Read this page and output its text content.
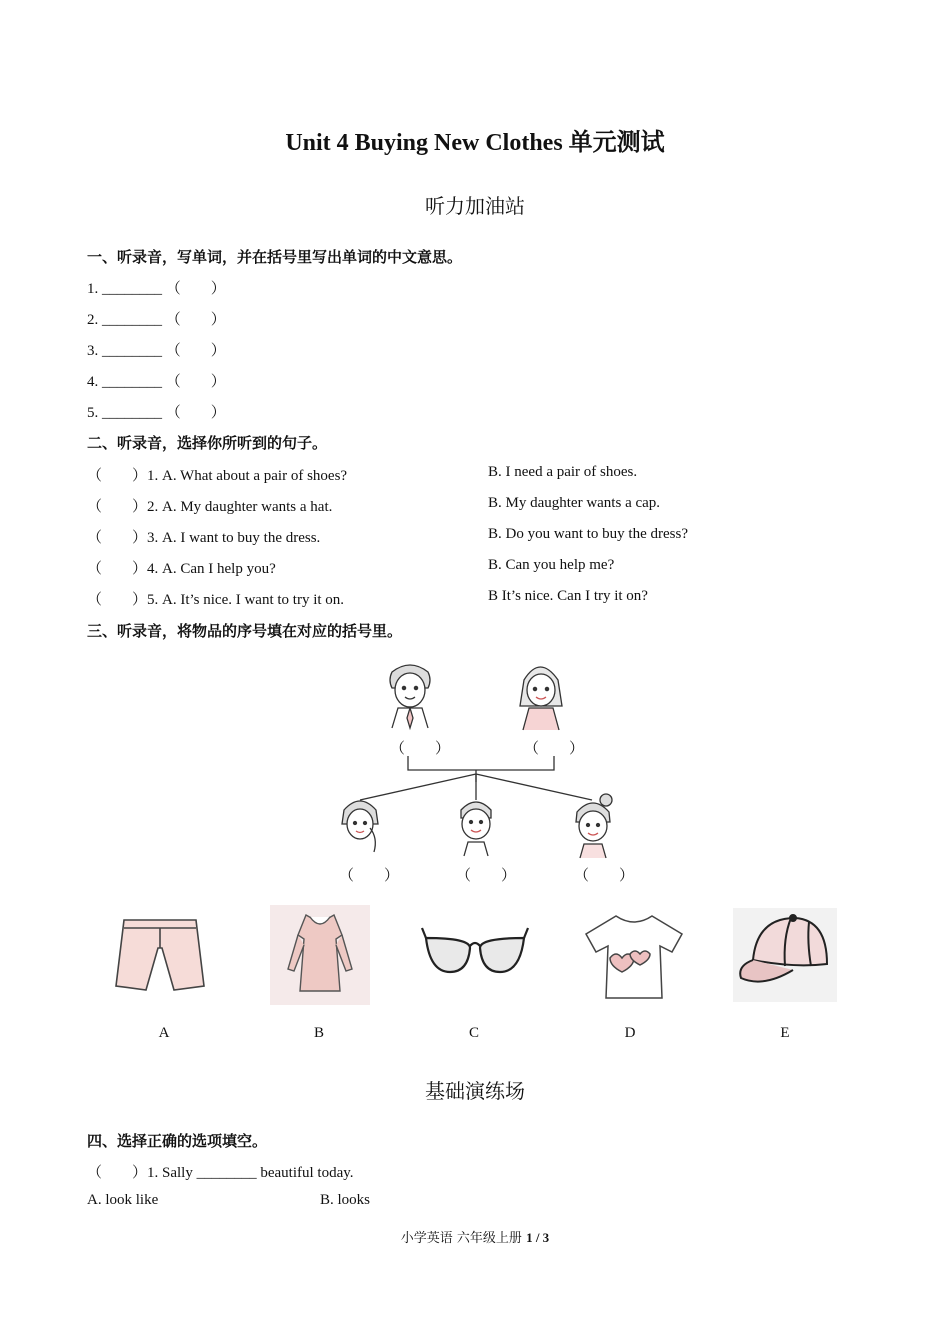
Unit 4 Buying New Clothes 单元测试
听力加油站
一、听录音，写单词，并在括号里写出单词的中文意思。
1. ________ （　　）
2. ________ （　　）
3. ________ （　　）
4. ________ （　　）
5. ________ （　　）
二、听录音，选择你所听到的句子。
（　　）1. A. What about a pair of shoes?	B. I need a pair of shoes.
（　　）2. A. My daughter wants a hat.	B. My daughter wants a cap.
（　　）3. A. I want to buy the dress.	B. Do you want to buy the dress?
（　　）4. A. Can I help you?	B. Can you help me?
（　　）5. A. It’s nice. I want to try it on.	B It’s nice. Can I try it on?
三、听录音，将物品的序号填在对应的括号里。
（　　）	（　　）
（　　）	（　　）	（　　）
A	B	C	D	E
基础演练场
四、选择正确的选项填空。
（　　）1. Sally ________ beautiful today.
A. look like	B. looks
小学英语 六年级上册 1 / 3
